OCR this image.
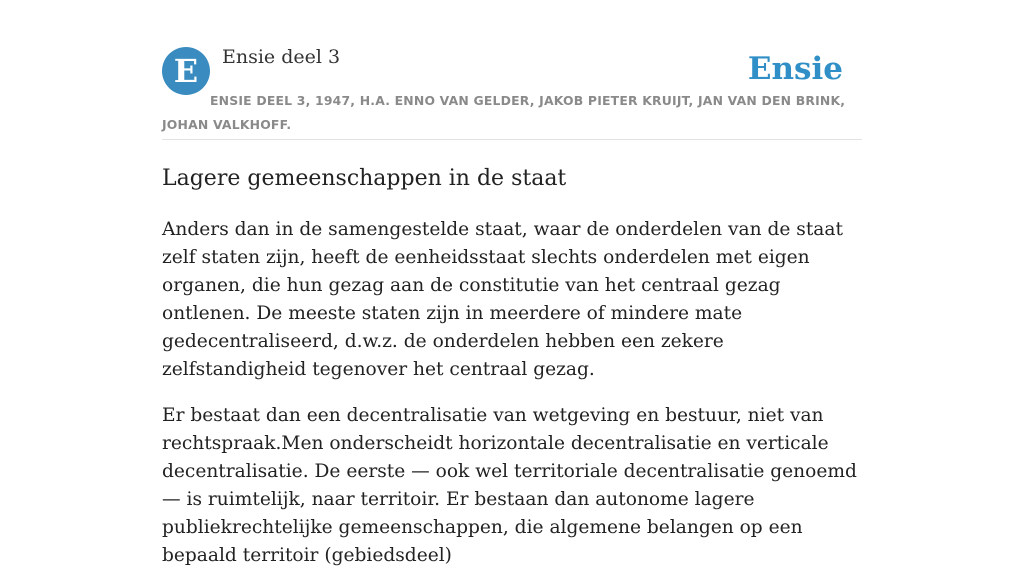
E	Ensie deel 3	Ensie
ENSIE DEEL 3, 1947, H.A. ENNO VAN GELDER, JAKOB PIETER KRUIJT, JAN VAN DEN BRINK, JOHAN VALKHOFF.
Lagere gemeenschappen in de staat

Anders dan in de samengestelde staat, waar de onderdelen van de staat zelf staten zijn, heeft de eenheidsstaat slechts onderdelen met eigen organen, die hun gezag aan de constitutie van het centraal gezag ontlenen. De meeste staten zijn in meerdere of mindere mate gedecentraliseerd, d.w.z. de onderdelen hebben een zekere zelfstandigheid tegenover het centraal gezag.

Er bestaat dan een decentralisatie van wetgeving en bestuur, niet van rechtspraak.Men onderscheidt horizontale decentralisatie en verticale decentralisatie. De eerste — ook wel territoriale decentralisatie genoemd — is ruimtelijk, naar territoir. Er bestaan dan autonome lagere publiekrechtelijke gemeenschappen, die algemene belangen op een bepaald territoir (gebiedsdeel)
